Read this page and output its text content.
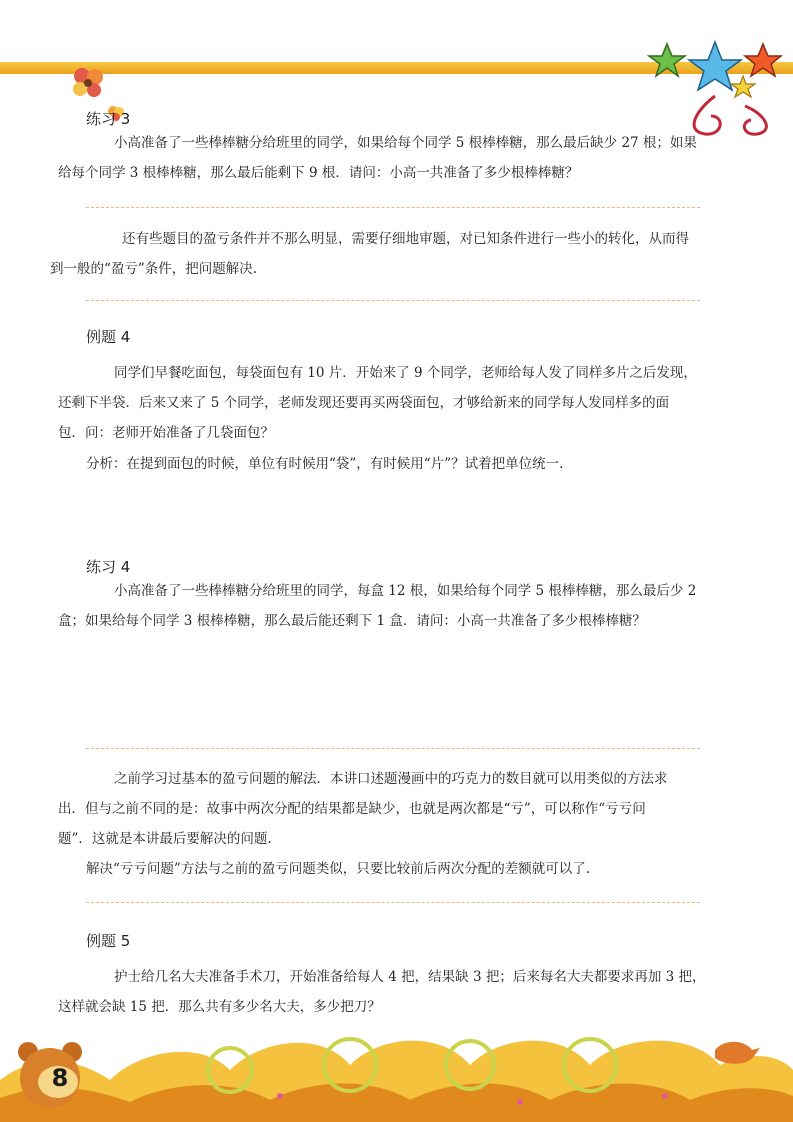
练习 3
小高准备了一些棒棒糖分给班里的同学，如果给每个同学 5 根棒棒糖，那么最后缺少 27 根；如果
给每个同学 3 根棒棒糖，那么最后能剩下 9 根．请问：小高一共准备了多少根棒棒糖？
还有些题目的盈亏条件并不那么明显，需要仔细地审题，对已知条件进行一些小的转化，从而得
到一般的“盈亏”条件，把问题解决.
例题 4
同学们早餐吃面包，每袋面包有 10 片．开始来了 9 个同学，老师给每人发了同样多片之后发现，
还剩下半袋．后来又来了 5 个同学，老师发现还要再买两袋面包，才够给新来的同学每人发同样多的面
包．问：老师开始准备了几袋面包？
分析：在提到面包的时候，单位有时候用“袋”，有时候用“片”？试着把单位统一.
练习 4
小高准备了一些棒棒糖分给班里的同学，每盒 12 根，如果给每个同学 5 根棒棒糖，那么最后少 2
盒；如果给每个同学 3 根棒棒糖，那么最后能还剩下 1 盒．请问：小高一共准备了多少根棒棒糖？
之前学习过基本的盈亏问题的解法．本讲口述题漫画中的巧克力的数目就可以用类似的方法求
出．但与之前不同的是：故事中两次分配的结果都是缺少，也就是两次都是“亏”，可以称作“亏亏问
题”．这就是本讲最后要解决的问题.
解决“亏亏问题”方法与之前的盈亏问题类似，只要比较前后两次分配的差额就可以了.
例题 5
护士给几名大夫准备手术刀，开始准备给每人 4 把，结果缺 3 把；后来每名大夫都要求再加 3 把，
这样就会缺 15 把．那么共有多少名大夫，多少把刀？
8
